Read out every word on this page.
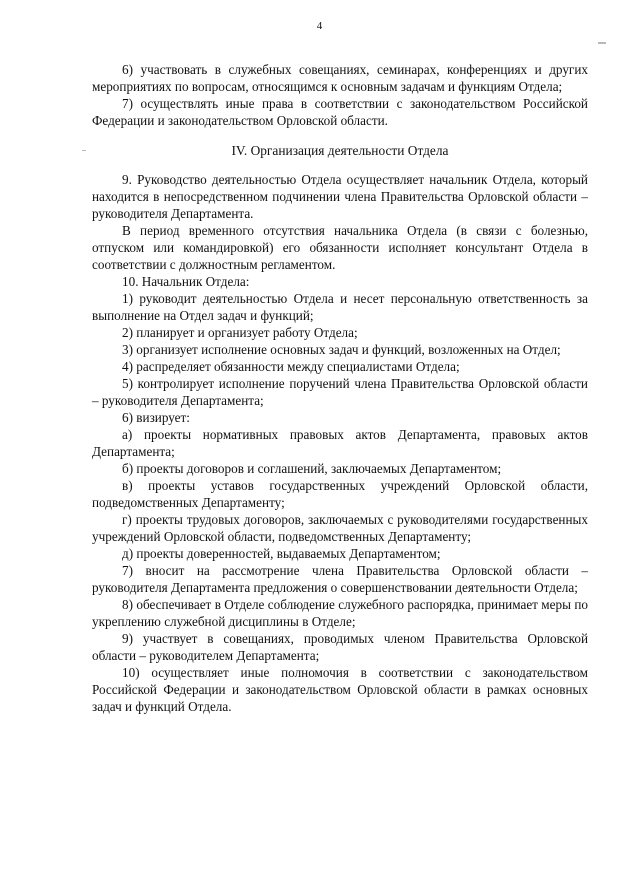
4

6) участвовать в служебных совещаниях, семинарах, конференциях и других мероприятиях по вопросам, относящимся к основным задачам и функциям Отдела;

7) осуществлять иные права в соответствии с законодательством Российской Федерации и законодательством Орловской области.

IV. Организация деятельности Отдела

9. Руководство деятельностью Отдела осуществляет начальник Отдела, который находится в непосредственном подчинении члена Правительства Орловской области – руководителя Департамента.

В период временного отсутствия начальника Отдела (в связи с болезнью, отпуском или командировкой) его обязанности исполняет консультант Отдела в соответствии с должностным регламентом.

10. Начальник Отдела:

1) руководит деятельностью Отдела и несет персональную ответственность за выполнение на Отдел задач и функций;

2) планирует и организует работу Отдела;

3) организует исполнение основных задач и функций, возложенных на Отдел;

4) распределяет обязанности между специалистами Отдела;

5) контролирует исполнение поручений члена Правительства Орловской области – руководителя Департамента;

6) визирует:

а) проекты нормативных правовых актов Департамента, правовых актов Департамента;

б) проекты договоров и соглашений, заключаемых Департаментом;

в) проекты уставов государственных учреждений Орловской области, подведомственных Департаменту;

г) проекты трудовых договоров, заключаемых с руководителями государственных учреждений Орловской области, подведомственных Департаменту;

д) проекты доверенностей, выдаваемых Департаментом;

7) вносит на рассмотрение члена Правительства Орловской области – руководителя Департамента предложения о совершенствовании деятельности Отдела;

8) обеспечивает в Отделе соблюдение служебного распорядка, принимает меры по укреплению служебной дисциплины в Отделе;

9) участвует в совещаниях, проводимых членом Правительства Орловской области – руководителем Департамента;

10) осуществляет иные полномочия в соответствии с законодательством Российской Федерации и законодательством Орловской области в рамках основных задач и функций Отдела.
